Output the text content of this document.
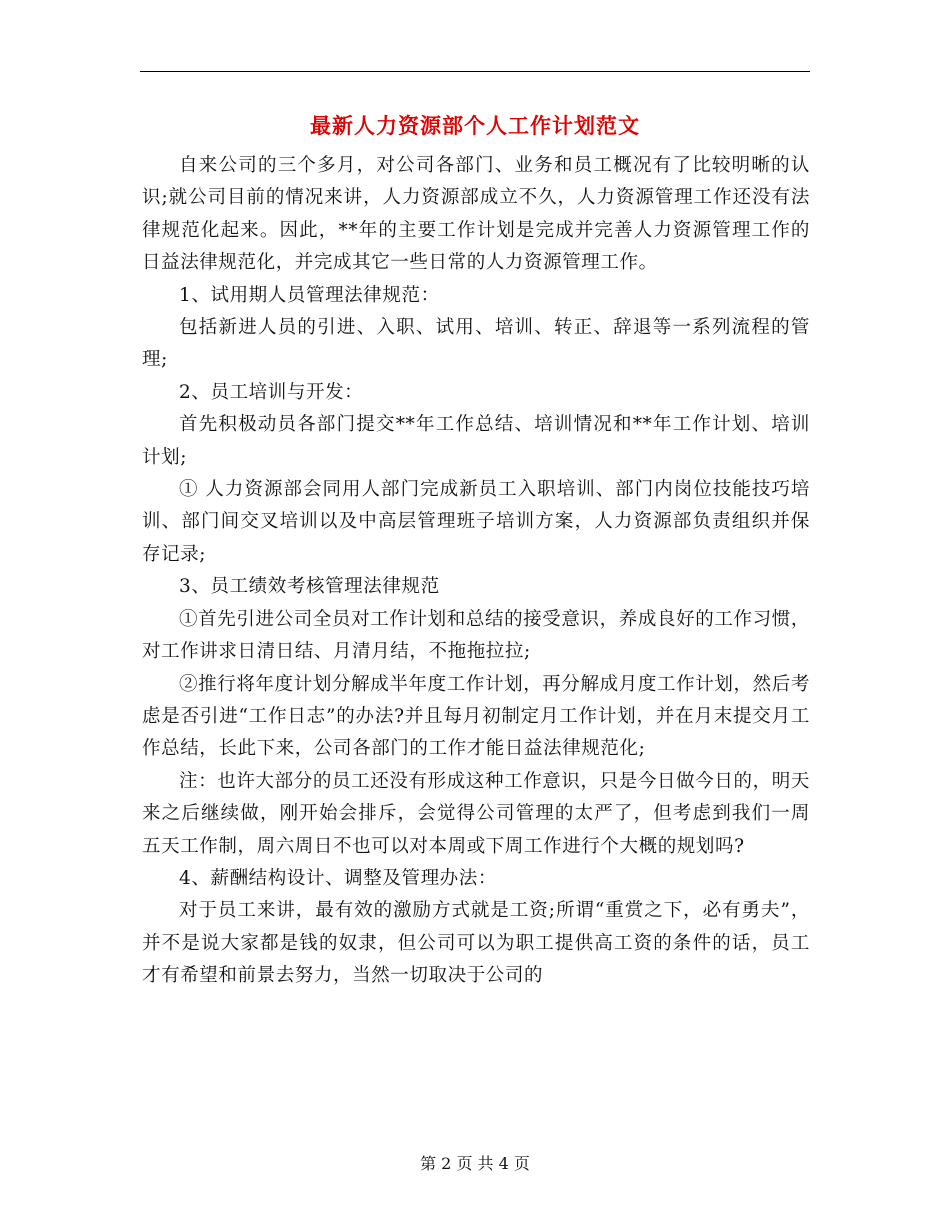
最新人力资源部个人工作计划范文

自来公司的三个多月，对公司各部门、业务和员工概况有了比较明晰的认识;就公司目前的情况来讲，人力资源部成立不久，人力资源管理工作还没有法律规范化起来。因此，**年的主要工作计划是完成并完善人力资源管理工作的日益法律规范化，并完成其它一些日常的人力资源管理工作。

1、试用期人员管理法律规范：

包括新进人员的引进、入职、试用、培训、转正、辞退等一系列流程的管理;

2、员工培训与开发：

首先积极动员各部门提交**年工作总结、培训情况和**年工作计划、培训计划;

① 人力资源部会同用人部门完成新员工入职培训、部门内岗位技能技巧培训、部门间交叉培训以及中高层管理班子培训方案，人力资源部负责组织并保存记录;

3、员工绩效考核管理法律规范

①首先引进公司全员对工作计划和总结的接受意识，养成良好的工作习惯，对工作讲求日清日结、月清月结，不拖拖拉拉;

②推行将年度计划分解成半年度工作计划，再分解成月度工作计划，然后考虑是否引进“工作日志”的办法?并且每月初制定月工作计划，并在月末提交月工作总结，长此下来，公司各部门的工作才能日益法律规范化;

注：也许大部分的员工还没有形成这种工作意识，只是今日做今日的，明天来之后继续做，刚开始会排斥，会觉得公司管理的太严了，但考虑到我们一周五天工作制，周六周日不也可以对本周或下周工作进行个大概的规划吗?

4、薪酬结构设计、调整及管理办法：

对于员工来讲，最有效的激励方式就是工资;所谓“重赏之下，必有勇夫”，并不是说大家都是钱的奴隶，但公司可以为职工提供高工资的条件的话，员工才有希望和前景去努力，当然一切取决于公司的

第 2 页 共 4 页
